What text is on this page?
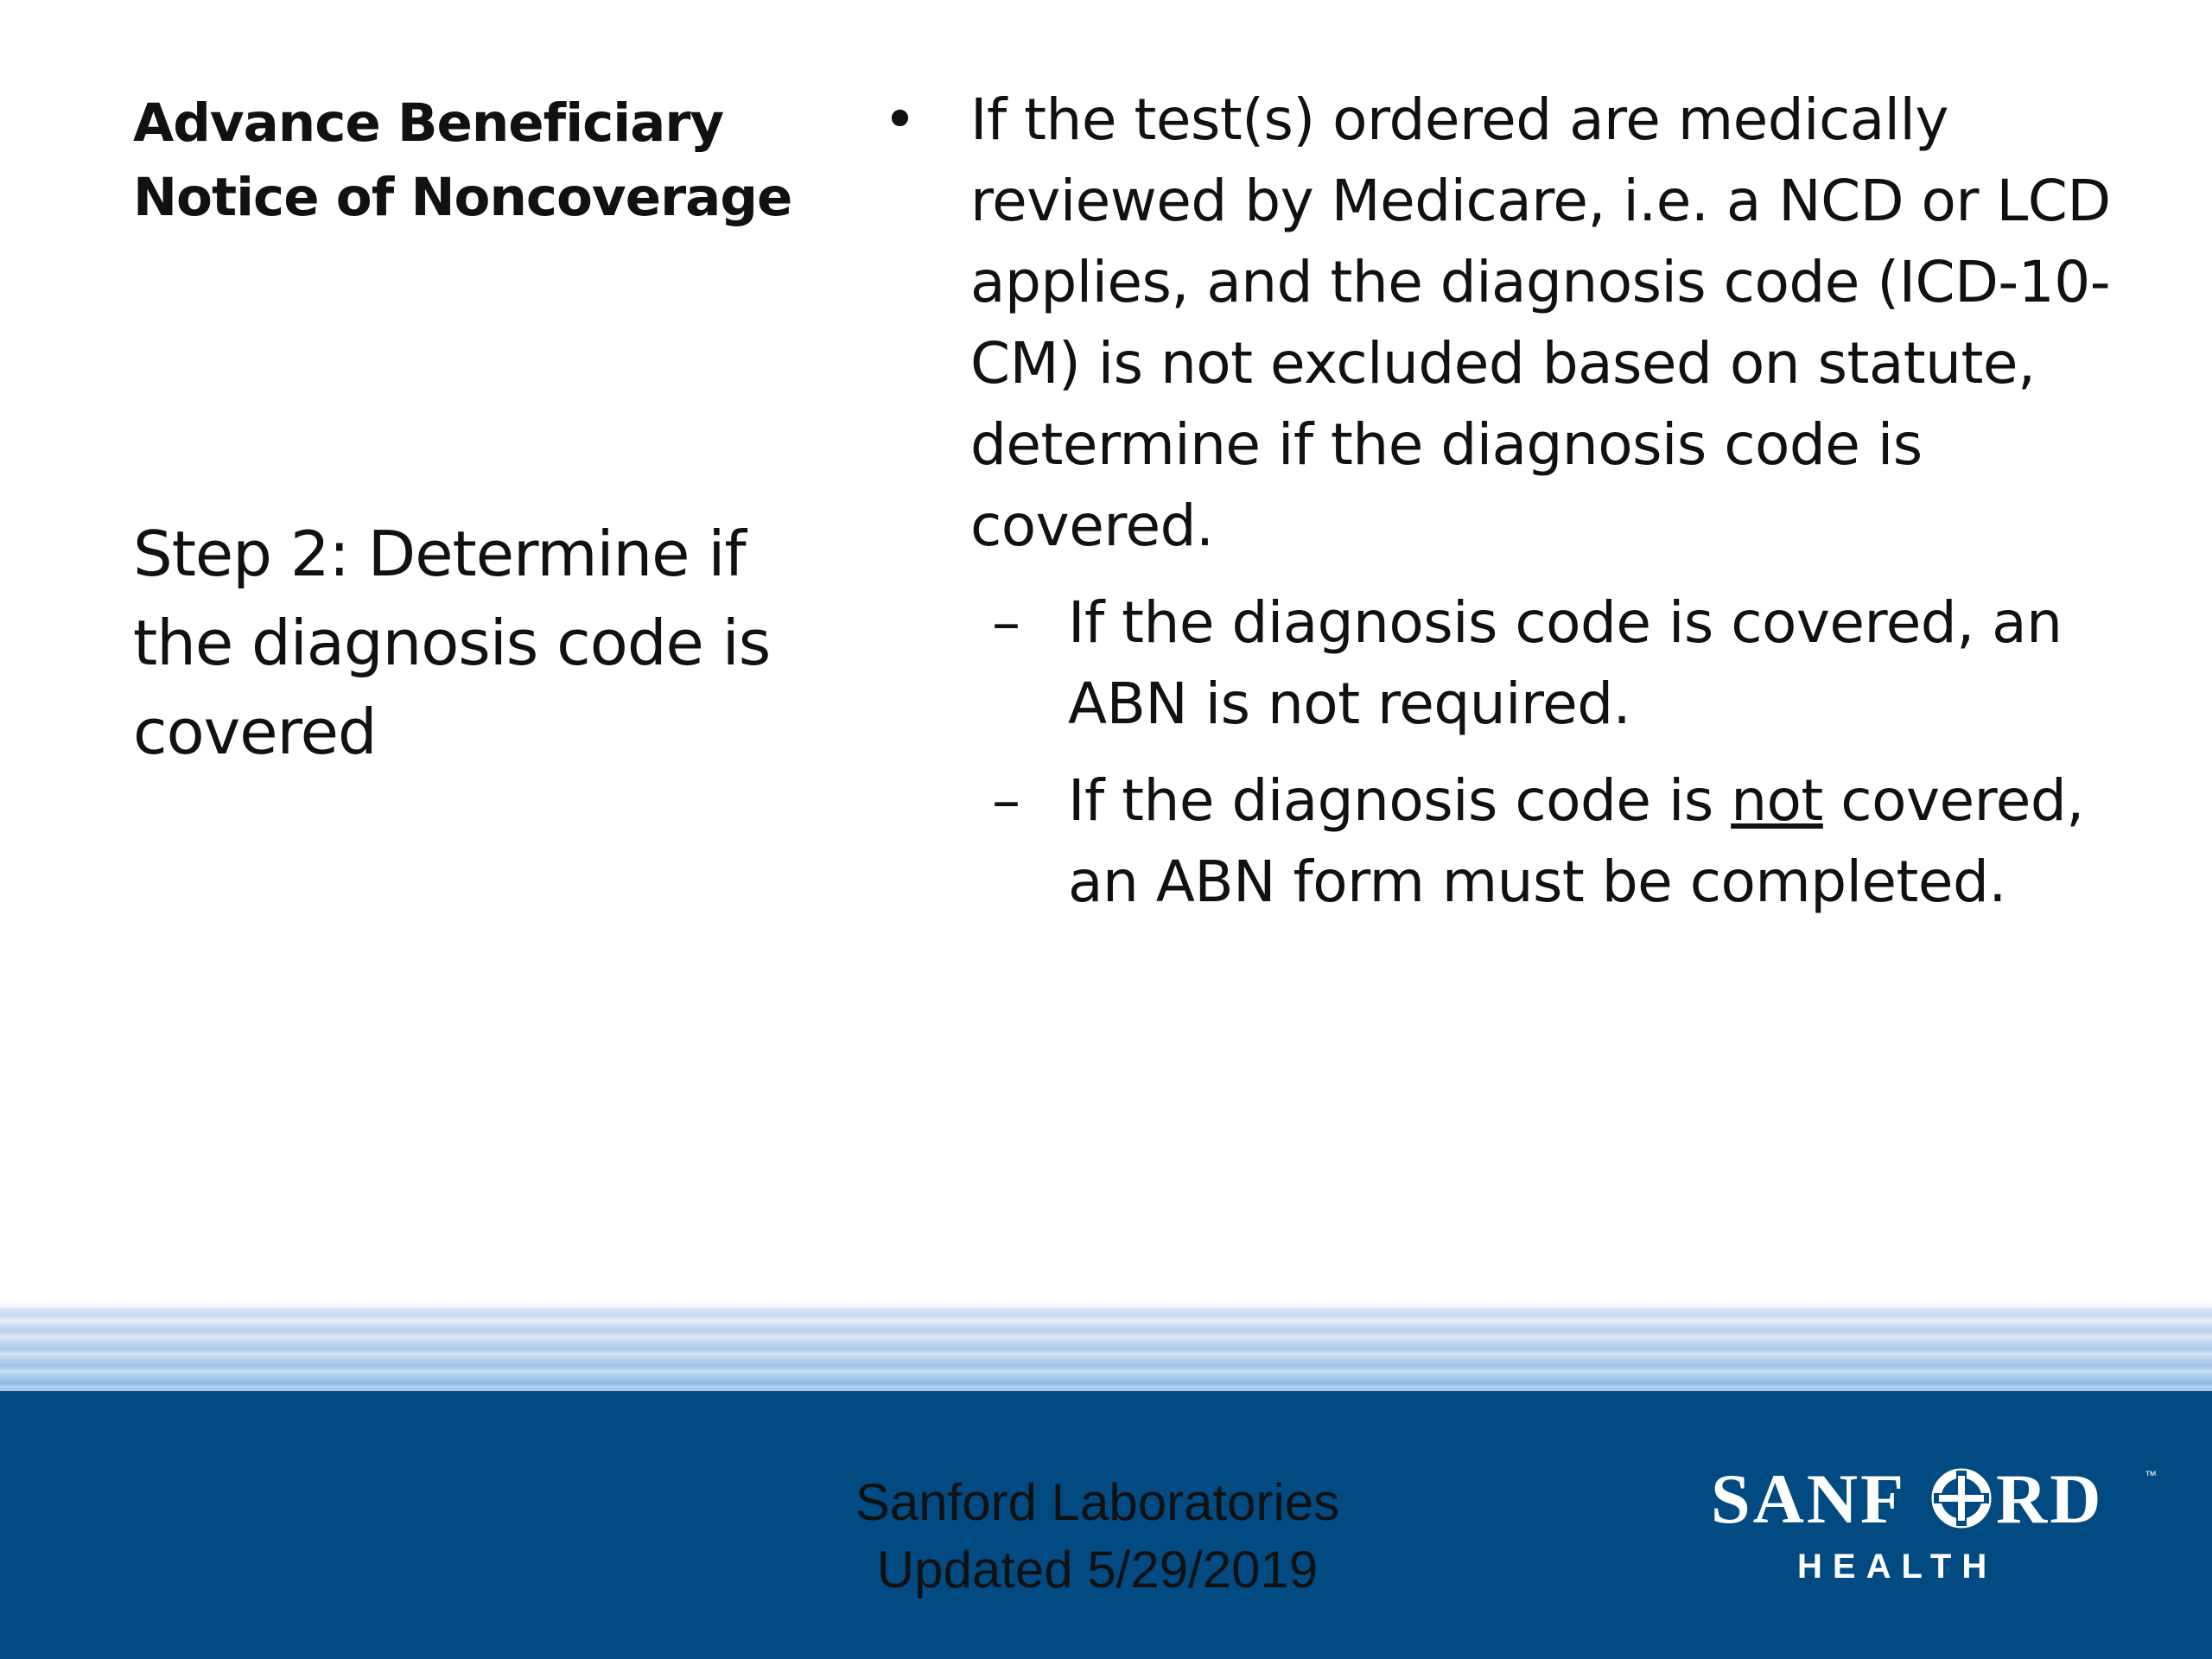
Advance Beneficiary
Notice of Noncoverage
Step 2: Determine if
the diagnosis code is
covered
• If the test(s) ordered are medically
reviewed by Medicare, i.e. a NCD or LCD
applies, and the diagnosis code (ICD-10-
CM) is not excluded based on statute,
determine if the diagnosis code is
covered.
– If the diagnosis code is covered, an
ABN is not required.
– If the diagnosis code is not covered,
an ABN form must be completed.
Sanford Laboratories
Updated 5/29/2019
SANF RD	™
HEALTH
